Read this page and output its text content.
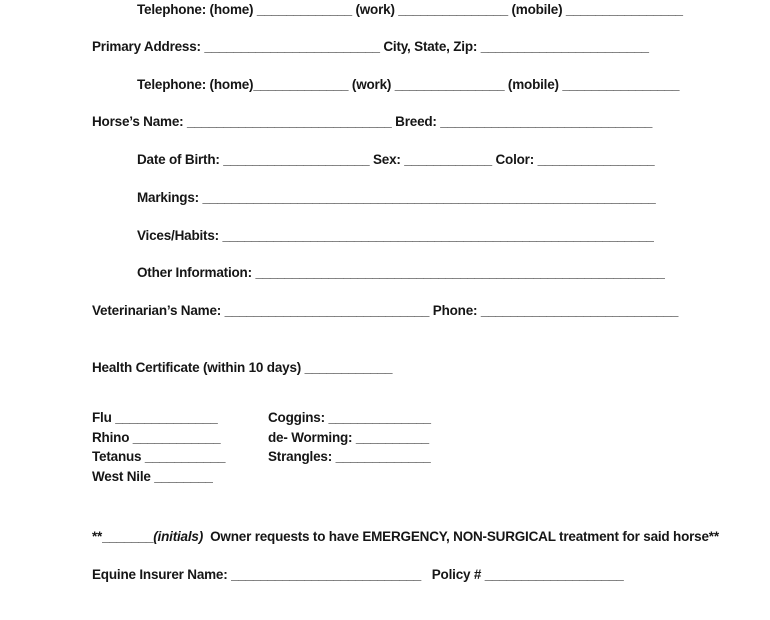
Telephone: (home) _____________ (work) _______________ (mobile) ________________
Primary Address: ________________________ City, State, Zip: _______________________
Telephone: (home)_____________ (work) _______________ (mobile) ________________
Horse’s Name: ____________________________ Breed: _____________________________
Date of Birth: ____________________ Sex: ____________ Color: ________________
Markings: ______________________________________________________________
Vices/Habits: ___________________________________________________________
Other Information: ________________________________________________________
Veterinarian’s Name: ____________________________ Phone: ___________________________
Health Certificate (within 10 days) ____________
Flu ______________
Rhino ____________
Tetanus ___________
West Nile ________
Coggins: ______________
de- Worming: __________
Strangles: _____________
**_______(initials)  Owner requests to have EMERGENCY, NON-SURGICAL treatment for said horse**
Equine Insurer Name: __________________________   Policy # ___________________
